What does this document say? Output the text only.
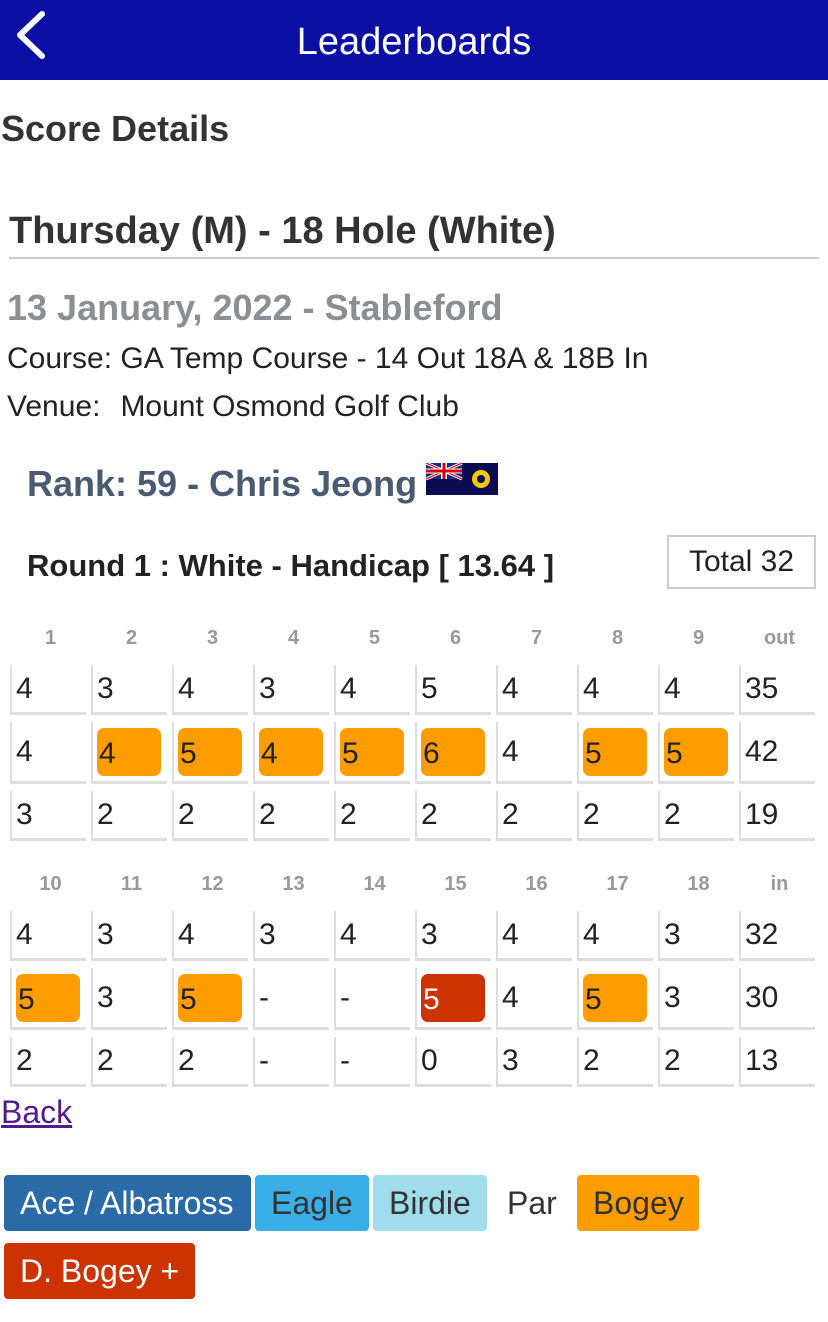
Leaderboards
Score Details
Thursday (M) - 18 Hole (White)
13 January, 2022 - Stableford
Course: GA Temp Course - 14 Out 18A & 18B In
Venue: Mount Osmond Golf Club
Rank: 59 - Chris Jeong
Round 1 : White - Handicap [ 13.64 ]	Total 32
1	2	3	4	5	6	7	8	9	out
4	3	4	3	4	5	4	4	4	35
4	4	5	4	5	6	4	5	5	42
3	2	2	2	2	2	2	2	2	19
10	11	12	13	14	15	16	17	18	in
4	3	4	3	4	3	4	4	3	32
5	3	5	-	-	5	4	5	3	30
2	2	2	-	-	0	3	2	2	13
Back
Ace / Albatross	Eagle	Birdie	Par	Bogey
D. Bogey +
